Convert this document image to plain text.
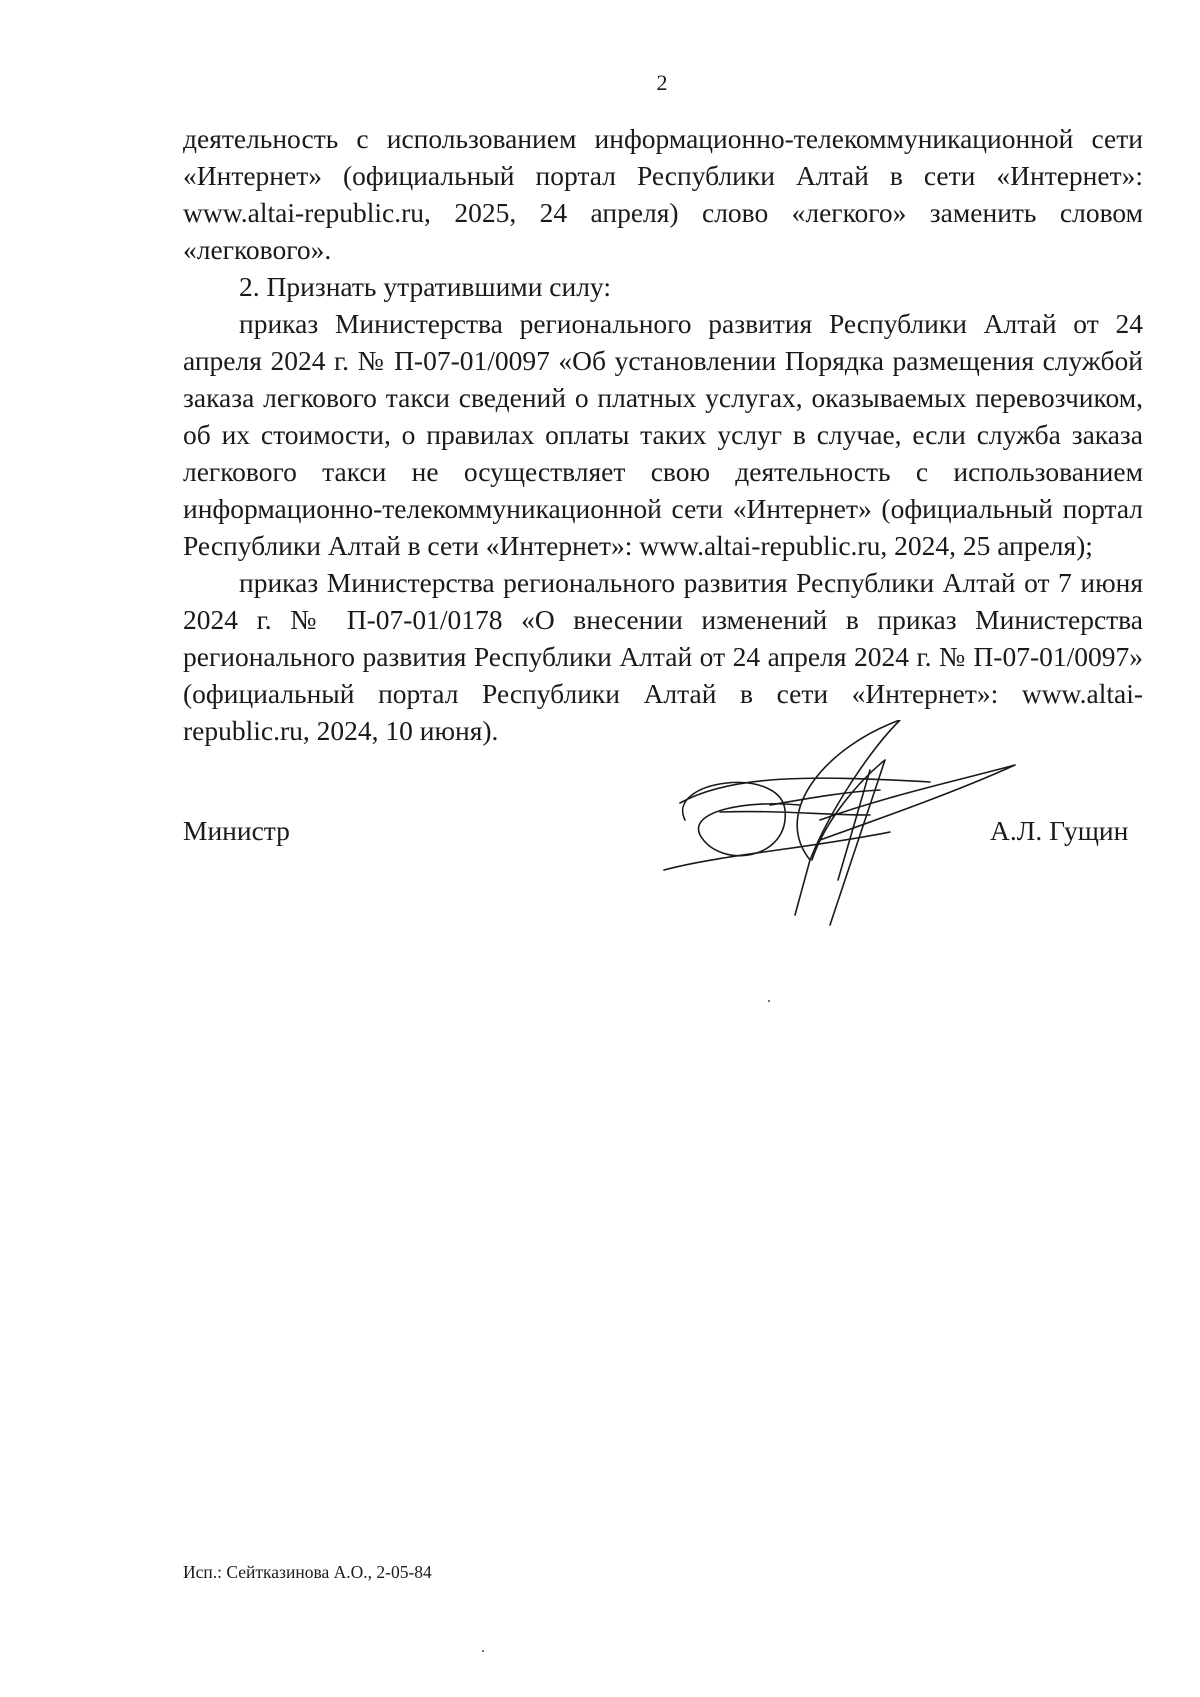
2

деятельность с использованием информационно-телекоммуникационной сети «Интернет» (официальный портал Республики Алтай в сети «Интернет»: www.altai-republic.ru, 2025, 24 апреля) слово «легкого» заменить словом «легкового».

2. Признать утратившими силу:

приказ Министерства регионального развития Республики Алтай от 24 апреля 2024 г. № П-07-01/0097 «Об установлении Порядка размещения службой заказа легкового такси сведений о платных услугах, оказываемых перевозчиком, об их стоимости, о правилах оплаты таких услуг в случае, если служба заказа легкового такси не осуществляет свою деятельность с использованием информационно-телекоммуникационной сети «Интернет» (официальный портал Республики Алтай в сети «Интернет»: www.altai-republic.ru, 2024, 25 апреля);

приказ Министерства регионального развития Республики Алтай от 7 июня 2024 г. № П-07-01/0178 «О внесении изменений в приказ Министерства регионального развития Республики Алтай от 24 апреля 2024 г. № П-07-01/0097» (официальный портал Республики Алтай в сети «Интернет»: www.altai-republic.ru, 2024, 10 июня).

Министр	А.Л. Гущин
Исп.: Сейтказинова А.О., 2-05-84
